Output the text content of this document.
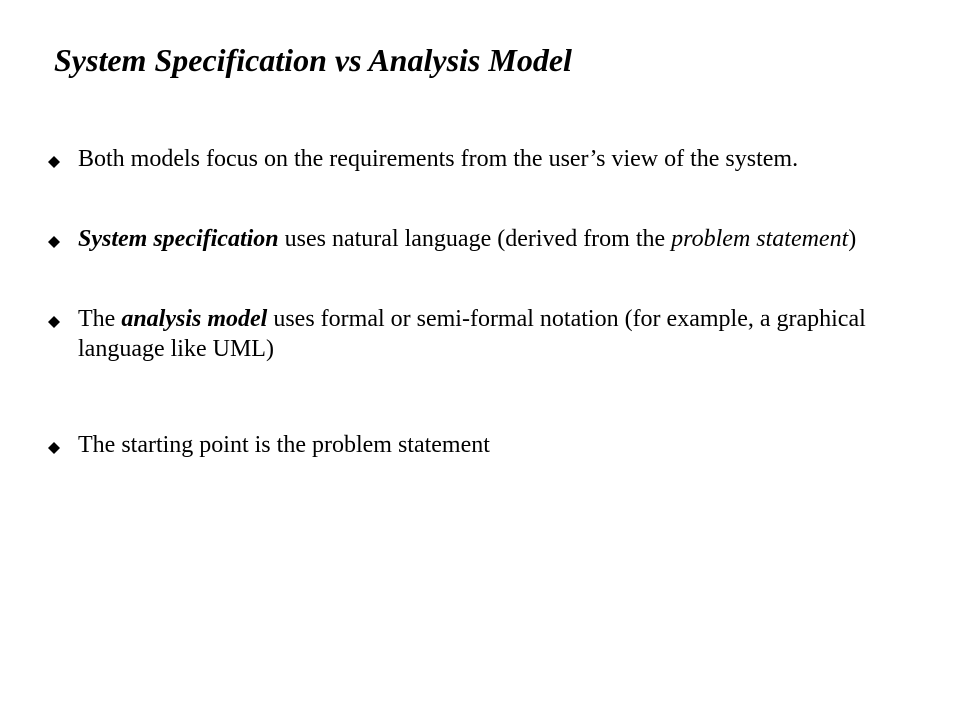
System Specification vs Analysis Model
Both models focus on the requirements from the user’s view of the system.
System specification uses natural language (derived from the problem statement)
The analysis model uses formal or semi-formal notation (for example, a graphical language like UML)
The starting point is the problem statement
